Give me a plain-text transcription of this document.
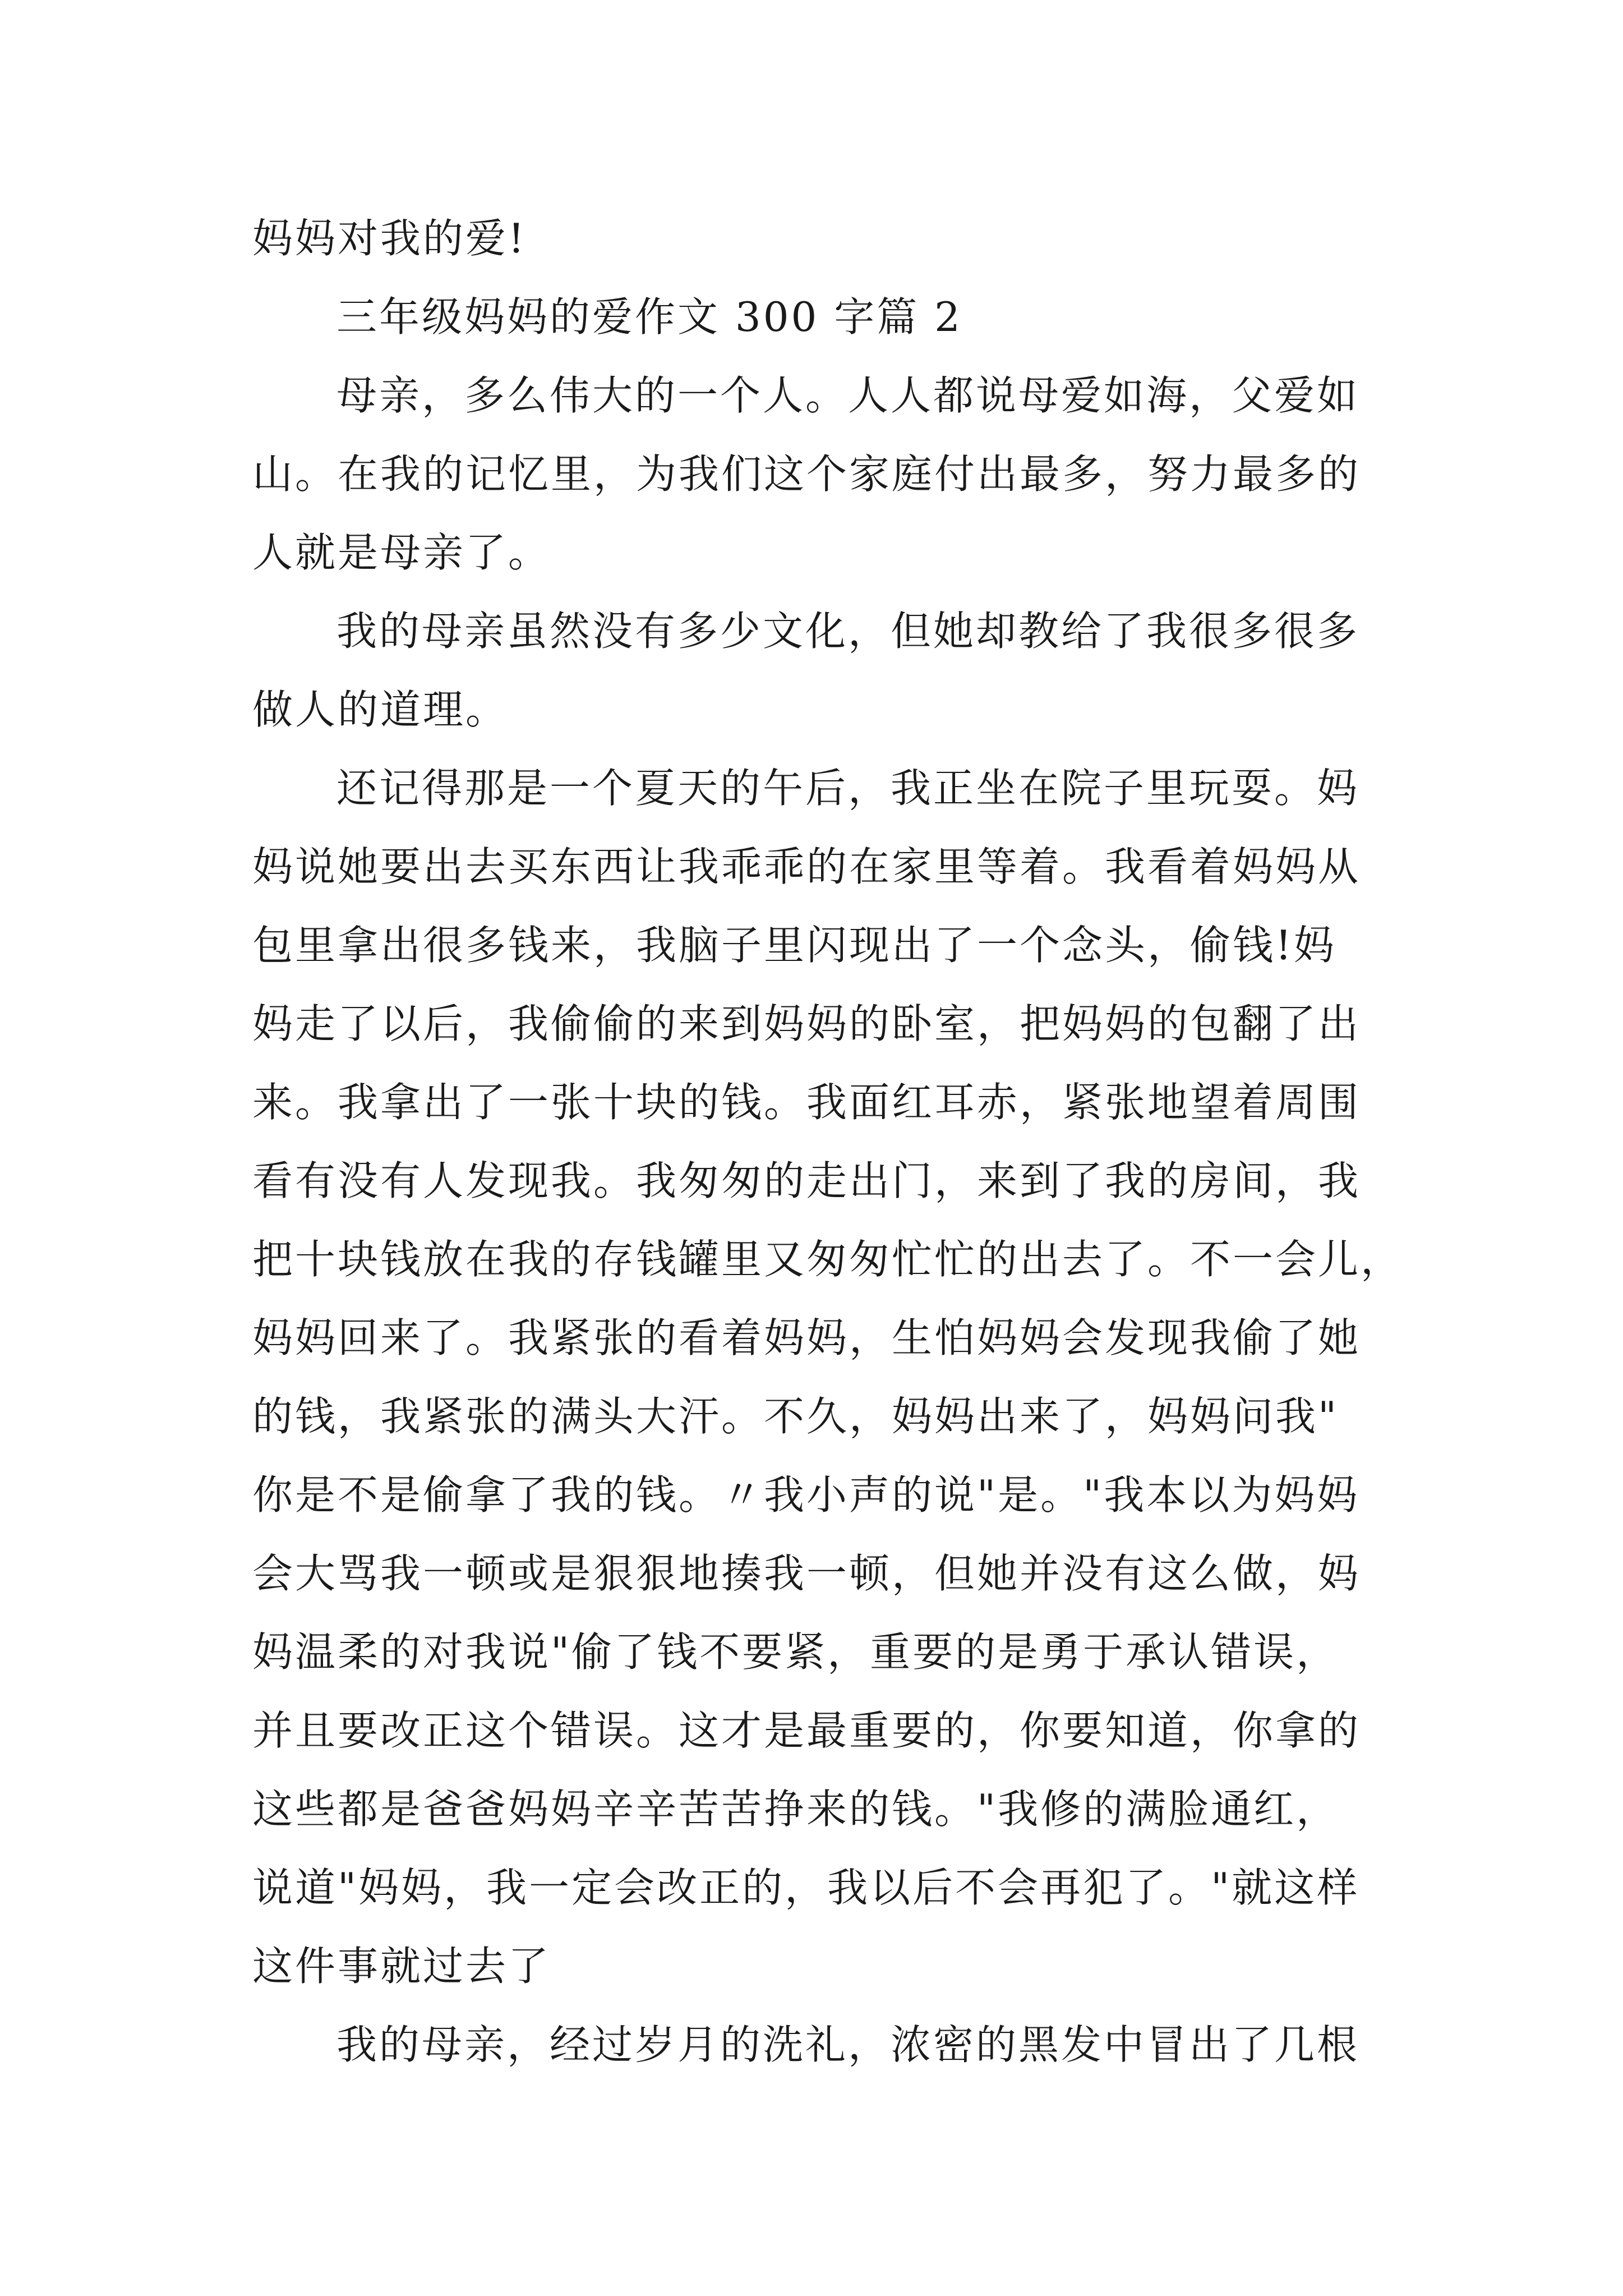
妈妈对我的爱!
三年级妈妈的爱作文 300 字篇 2
母亲，多么伟大的一个人。人人都说母爱如海，父爱如
山。在我的记忆里，为我们这个家庭付出最多，努力最多的
人就是母亲了。
我的母亲虽然没有多少文化，但她却教给了我很多很多
做人的道理。
还记得那是一个夏天的午后，我正坐在院子里玩耍。妈
妈说她要出去买东西让我乖乖的在家里等着。我看着妈妈从
包里拿出很多钱来，我脑子里闪现出了一个念头，偷钱!妈
妈走了以后，我偷偷的来到妈妈的卧室，把妈妈的包翻了出
来。我拿出了一张十块的钱。我面红耳赤，紧张地望着周围
看有没有人发现我。我匆匆的走出门，来到了我的房间，我
把十块钱放在我的存钱罐里又匆匆忙忙的出去了。不一会儿，
妈妈回来了。我紧张的看着妈妈，生怕妈妈会发现我偷了她
的钱，我紧张的满头大汗。不久，妈妈出来了，妈妈问我"
你是不是偷拿了我的钱。〃我小声的说"是。"我本以为妈妈
会大骂我一顿或是狠狠地揍我一顿，但她并没有这么做，妈
妈温柔的对我说"偷了钱不要紧，重要的是勇于承认错误，
并且要改正这个错误。这才是最重要的，你要知道，你拿的
这些都是爸爸妈妈辛辛苦苦挣来的钱。"我修的满脸通红，
说道"妈妈，我一定会改正的，我以后不会再犯了。"就这样
这件事就过去了
我的母亲，经过岁月的洗礼，浓密的黑发中冒出了几根
